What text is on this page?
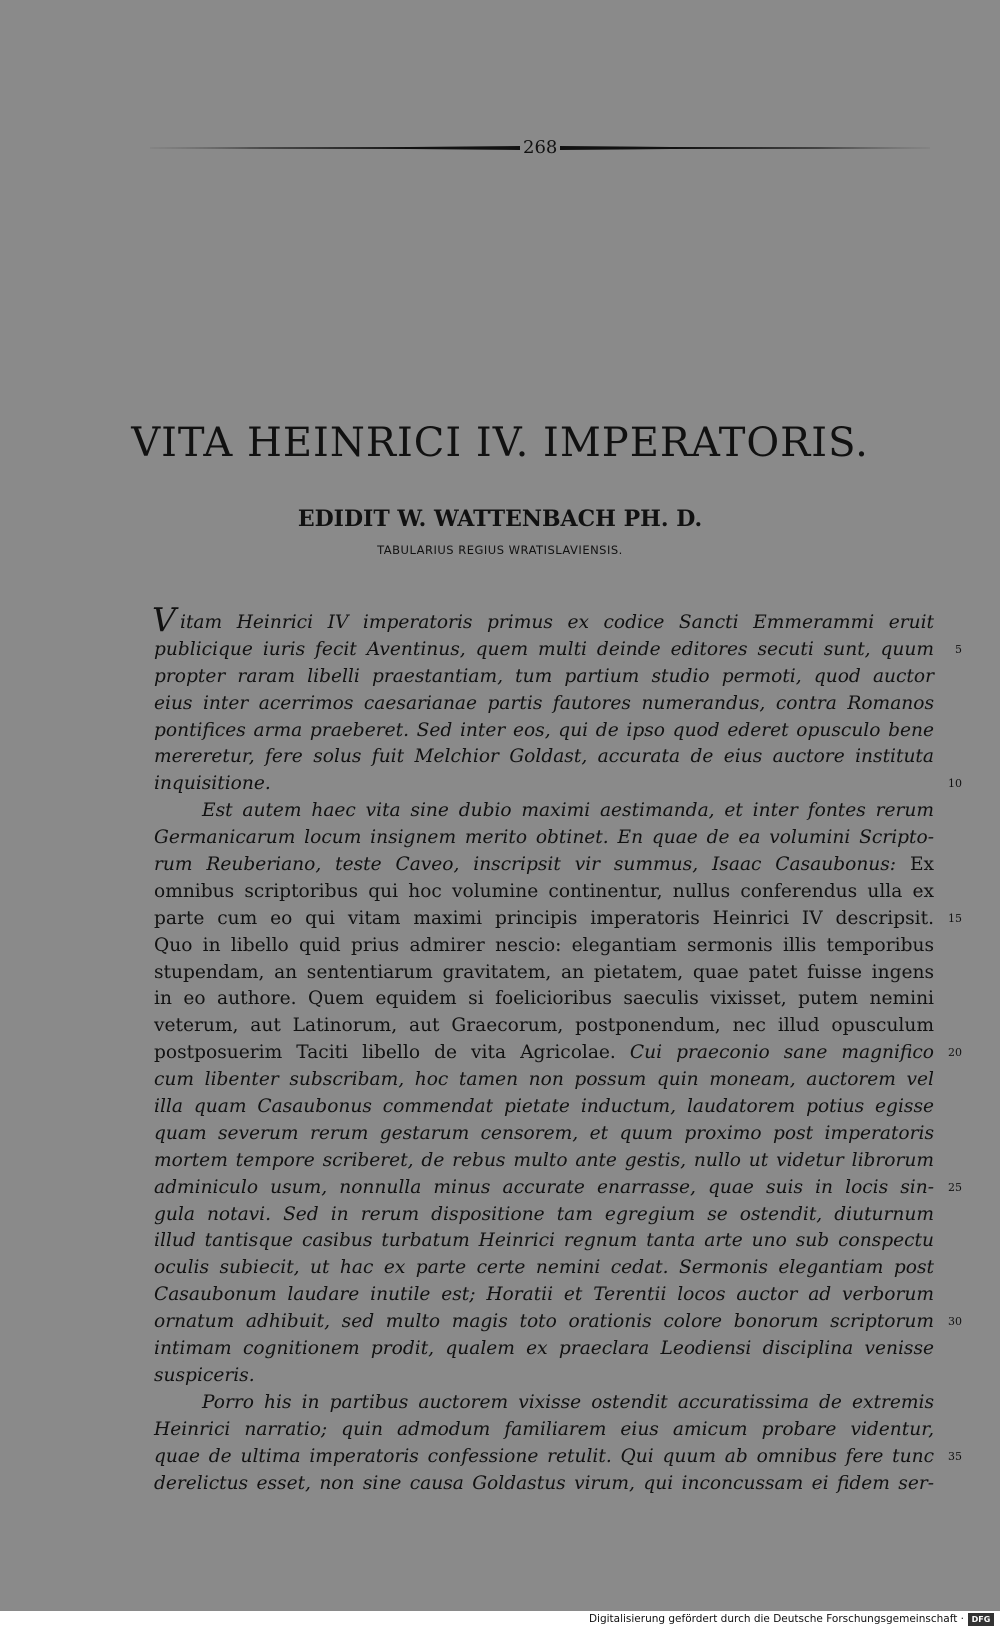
268
VITA HEINRICI IV. IMPERATORIS.
EDIDIT W. WATTENBACH PH. D.
TABULARIUS REGIUS WRATISLAVIENSIS.
V itam Heinrici IV imperatoris primus ex codice Sancti Emmerammi eruit
publicique iuris fecit Aventinus, quem multi deinde editores secuti sunt, quum 5
propter raram libelli praestantiam, tum partium studio permoti, quod auctor
eius inter acerrimos caesarianae partis fautores numerandus, contra Romanos
pontifices arma praeberet. Sed inter eos, qui de ipso quod ederet opusculo bene
mereretur, fere solus fuit Melchior Goldast, accurata de eius auctore instituta
inquisitione.	10
Est autem haec vita sine dubio maximi aestimanda, et inter fontes rerum
Germanicarum locum insignem merito obtinet. En quae de ea volumini Scripto-
rum Reuberiano, teste Caveo, inscripsit vir summus, Isaac Casaubonus: Ex
omnibus scriptoribus qui hoc volumine continentur, nullus conferendus ulla ex
parte cum eo qui vitam maximi principis imperatoris Heinrici IV descripsit. 15
Quo in libello quid prius admirer nescio: elegantiam sermonis illis temporibus
stupendam, an sententiarum gravitatem, an pietatem, quae patet fuisse ingens
in eo authore. Quem equidem si foelicioribus saeculis vixisset, putem nemini
veterum, aut Latinorum, aut Graecorum, postponendum, nec illud opusculum
postposuerim Taciti libello de vita Agricolae. Cui praeconio sane magnifico 20
cum libenter subscribam, hoc tamen non possum quin moneam, auctorem vel
illa quam Casaubonus commendat pietate inductum, laudatorem potius egisse
quam severum rerum gestarum censorem, et quum proximo post imperatoris
mortem tempore scriberet, de rebus multo ante gestis, nullo ut videtur librorum
adminiculo usum, nonnulla minus accurate enarrasse, quae suis in locis sin- 25
gula notavi. Sed in rerum dispositione tam egregium se ostendit, diuturnum
illud tantisque casibus turbatum Heinrici regnum tanta arte uno sub conspectu
oculis subiecit, ut hac ex parte certe nemini cedat. Sermonis elegantiam post
Casaubonum laudare inutile est; Horatii et Terentii locos auctor ad verborum
ornatum adhibuit, sed multo magis toto orationis colore bonorum scriptorum 30
intimam cognitionem prodit, qualem ex praeclara Leodiensi disciplina venisse
suspiceris.
Porro his in partibus auctorem vixisse ostendit accuratissima de extremis
Heinrici narratio; quin admodum familiarem eius amicum probare videntur,
quae de ultima imperatoris confessione retulit. Qui quum ab omnibus fere tunc 35
derelictus esset, non sine causa Goldastus virum, qui inconcussam ei fidem ser-
Digitalisierung gefördert durch die Deutsche Forschungsgemeinschaft · DFG
